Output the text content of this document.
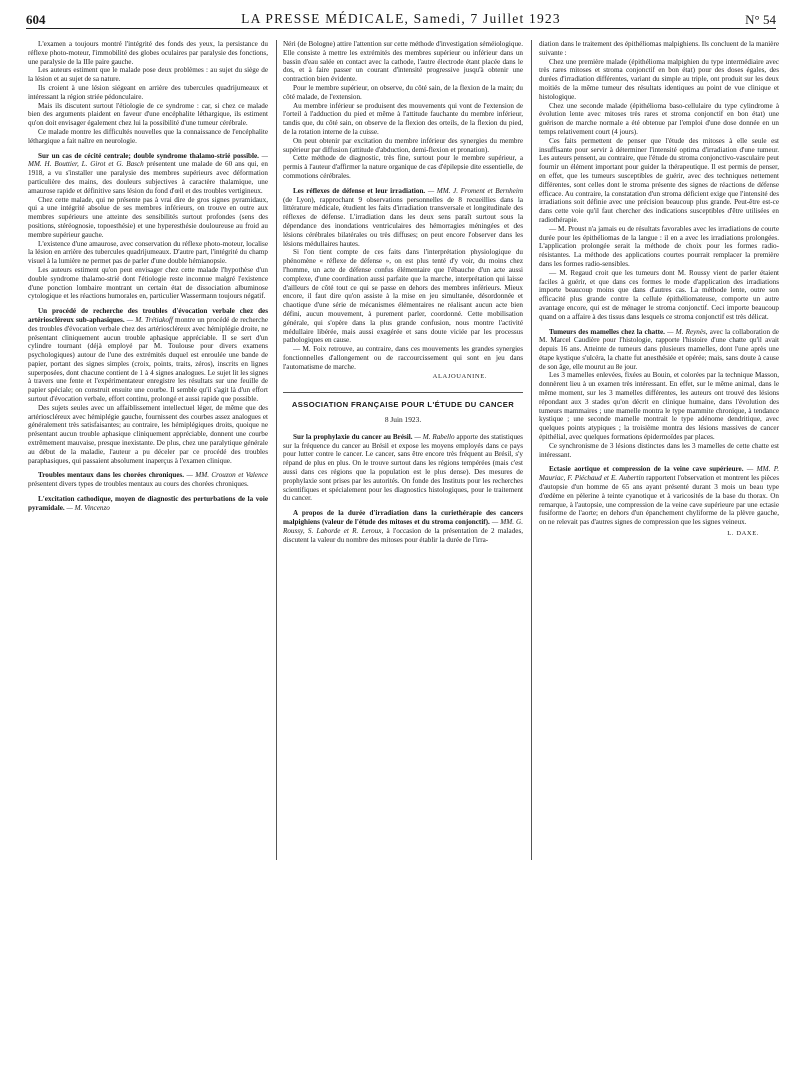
604	LA PRESSE MÉDICALE, Samedi, 7 Juillet 1923	N° 54

L'examen a toujours montré l'intégrité des fonds des yeux, la persistance du réflexe photo-moteur, l'immobilité des globes oculaires par paralysie des fonctions, une paralysie de la IIIe paire gauche.

Les auteurs estiment que le malade pose deux problèmes : au sujet du siège de la lésion et au sujet de sa nature.

Ils croient à une lésion siégeant en arrière des tubercules quadrijumeaux et intéressant la région striée pédonculaire.

Mais ils discutent surtout l'étiologie de ce syndrome : car, si chez ce malade bien des arguments plaident en faveur d'une encéphalite léthargique, ils estiment qu'on doit envisager également chez lui la possibilité d'une tumeur cérébrale.

Ce malade montre les difficultés nouvelles que la connaissance de l'encéphalite léthargique a fait naître en neurologie.

Sur un cas de cécité centrale; double syndrome thalamo-strié possible. — MM. H. Bouttier, L. Girot et G. Basch présentent une malade de 60 ans qui, en 1918, a vu s'installer une paralysie des membres supérieurs avec déformation particulière des mains, des douleurs subjectives à caractère thalamique, une amaurose rapide et définitive sans lésion du fond d'œil et des troubles vertigineux.

Chez cette malade, qui ne présente pas à vrai dire de gros signes pyramidaux, qui a une intégrité absolue de ses membres inférieurs, on trouve en outre aux membres supérieurs une atteinte des sensibilités surtout profondes (sens des positions, stéréognosie, topoesthésie) et une hyperesthésie douloureuse au froid au membre supérieur gauche.

L'existence d'une amaurose, avec conservation du réflexe photo-moteur, localise la lésion en arrière des tubercules quadrijumeaux. D'autre part, l'intégrité du champ visuel à la lumière ne permet pas de parler d'une double hémianopsie.

Les auteurs estiment qu'on peut envisager chez cette malade l'hypothèse d'un double syndrome thalamo-strié dont l'étiologie reste inconnue malgré l'existence d'une ponction lombaire montrant un certain état de dissociation albuminose cytologique et les réactions humorales en, particulier Wassermann toujours négatif.

Un procédé de recherche des troubles d'évocation verbale chez des artérioscléreux sub-aphasiques. — M. Trétiakoff montre un procédé de recherche des troubles d'évocation verbale chez des artérioscléreux avec hémiplégie droite, ne présentant cliniquement aucun trouble aphasique appréciable. Il se sert d'un cylindre tournant (déjà employé par M. Toulouse pour divers examens psychologiques) autour de l'une des extrémités duquel est enroulée une bande de papier, portant des signes simples (croix, points, traits, zéros), inscrits en lignes superposées, dont chacune contient de 1 à 4 signes analogues. Le sujet lit les signes à travers une fente et l'expérimentateur enregistre les résultats sur une feuille de papier spéciale; on construit ensuite une courbe. Il semble qu'il s'agit là d'un effort surtout d'évocation verbale, effort continu, prolongé et aussi rapide que possible.

Des sujets seules avec un affaiblissement intellectuel léger, de même que des artérioscléreux avec hémiplégie gauche, fournissent des courbes assez analogues et généralement très satisfaisantes; au contraire, les hémiplégiques droits, quoique ne présentant aucun trouble aphasique cliniquement appréciable, donnent une courbe extrêmement mauvaise, presque inexistante. De plus, chez une paralytique générale au début de la maladie, l'auteur a pu déceler par ce procédé des troubles paraphasiques, qui passaient absolument inaperçus à l'examen clinique.

Troubles mentaux dans les chorées chroniques. — MM. Crouzon et Valence présentent divers types de troubles mentaux au cours des chorées chroniques.

L'excitation cathodique, moyen de diagnostic des perturbations de la voie pyramidale. — M. Vincenzo

Néri (de Bologne) attire l'attention sur cette méthode d'investigation séméiologique. Elle consiste à mettre les extrémités des membres supérieur ou inférieur dans un bassin d'eau salée en contact avec la cathode, l'autre électrode étant placée dans le dos, et à faire passer un courant d'intensité progressive jusqu'à obtenir une contraction bien évidente.

Pour le membre supérieur, on observe, du côté sain, de la flexion de la main; du côté malade, de l'extension.

Au membre inférieur se produisent des mouvements qui vont de l'extension de l'orteil à l'adduction du pied et même à l'attitude fauchante du membre inférieur, tandis que, du côté sain, on observe de la flexion des orteils, de la flexion du pied, de la rotation interne de la cuisse.

On peut obtenir par excitation du membre inférieur des synergies du membre supérieur par diffusion (attitude d'abduction, demi-flexion et pronation).

Cette méthode de diagnostic, très fine, surtout pour le membre supérieur, a permis à l'auteur d'affirmer la nature organique de cas d'épilepsie dite essentielle, de commotions cérébrales.

Les réflexes de défense et leur irradiation. — MM. J. Froment et Bernheim (de Lyon), rapprochant 9 observations personnelles de 8 recueillies dans la littérature médicale, étudient les faits d'irradiation transversale et longitudinale des réflexes de défense. L'irradiation dans les deux sens paraît surtout sous la dépendance des inondations ventriculaires des hémorragies méningées et des lésions cérébrales bilatérales ou très diffuses; on peut encore l'observer dans les lésions médullaires hautes.

Si l'on tient compte de ces faits dans l'interprétation physiologique du phénomène « réflexe de défense », on est plus tenté d'y voir, du moins chez l'homme, un acte de défense confus élémentaire que l'ébauche d'un acte aussi complexe, d'une coordination aussi parfaite que la marche, interprétation qui laisse d'ailleurs de côté tout ce qui se passe en dehors des membres inférieurs. Mieux encore, il faut dire qu'on assiste à la mise en jeu simultanée, désordonnée et chaotique d'une série de mécanismes élémentaires ne réalisant aucun acte bien défini, aucun mouvement, à purement parler, coordonné. Cette mobilisation générale, qui s'opère dans la plus grande confusion, nous montre l'activité médullaire libérée, mais aussi exagérée et sans doute viciée par les processus pathologiques en cause.

— M. Foix retrouve, au contraire, dans ces mouvements les grandes synergies fonctionnelles d'allongement ou de raccourcissement qui sont en jeu dans l'automatisme de marche.

ALAJOUANINE.
ASSOCIATION FRANÇAISE POUR L'ÉTUDE DU CANCER
8 Juin 1923.

Sur la prophylaxie du cancer au Brésil. — M. Rabello apporte des statistiques sur la fréquence du cancer au Brésil et expose les moyens employés dans ce pays pour lutter contre le cancer. Le cancer, sans être encore très fréquent au Brésil, s'y répand de plus en plus. On le trouve surtout dans les régions tempérées (mais c'est aussi dans ces régions que la population est le plus dense). Des mesures de prophylaxie sont prises par les autorités. On fonde des Instituts pour les recherches scientifiques et spécialement pour les diagnostics histologiques, pour le traitement du cancer.

A propos de la durée d'irradiation dans la curiethérapie des cancers malpighiens (valeur de l'étude des mitoses et du stroma conjonctif). — MM. G. Roussy, S. Laborde et R. Leroux, à l'occasion de la présentation de 2 malades, discutent la valeur du nombre des mitoses pour établir la durée de l'irra-

diation dans le traitement des épithéliomas malpighiens. Ils concluent de la manière suivante :

Chez une première malade (épithélioma malpighien du type intermédiaire avec très rares mitoses et stroma conjonctif en bon état) pour des doses égales, des durées d'irradiation différentes, variant du simple au triple, ont produit sur les deux moitiés de la même tumeur des résultats identiques au point de vue clinique et histologique.

Chez une seconde malade (épithélioma baso-cellulaire du type cylindrome à évolution lente avec mitoses très rares et stroma conjonctif en bon état) une guérison de marche normale a été obtenue par l'emploi d'une dose donnée en un temps relativement court (4 jours).

Ces faits permettent de penser que l'étude des mitoses à elle seule est insuffisante pour servir à déterminer l'intensité optima d'irradiation d'une tumeur. Les auteurs pensent, au contraire, que l'étude du stroma conjonctivo-vasculaire peut fournir un élément important pour guider la thérapeutique. Il est permis de penser, en effet, que les tumeurs susceptibles de guérir, avec des techniques nettement différentes, sont celles dont le stroma présente des signes de réactions de défense efficace. Au contraire, la constatation d'un stroma déficient exige que l'intensité des irradiations soit définie avec une précision beaucoup plus grande. Peut-être est-ce dans cette voie qu'il faut chercher des indications susceptibles d'être utilisées en radiothérapie.

— M. Proust n'a jamais eu de résultats favorables avec les irradiations de courte durée pour les épithéliomas de la langue : il en a avec les irradiations prolongées. L'application prolongée serait la méthode de choix pour les formes radio-résistantes. La méthode des applications courtes pourrait remplacer la première dans les formes radio-sensibles.

— M. Regaud croit que les tumeurs dont M. Roussy vient de parler étaient faciles à guérir, et que dans ces formes le mode d'application des irradiations importe beaucoup moins que dans d'autres cas. La méthode lente, outre son efficacité plus grande contre la cellule épithéliomateuse, comporte un autre avantage encore, qui est de ménager le stroma conjonctif. Ceci importe beaucoup quand on a affaire à des tissus dans lesquels ce stroma conjonctif est très délicat.

Tumeurs des mamelles chez la chatte. — M. Reynès, avec la collaboration de M. Marcel Caudière pour l'histologie, rapporte l'histoire d'une chatte qu'il avait depuis 16 ans. Atteinte de tumeurs dans plusieurs mamelles, dont l'une après une étape kystique s'ulcéra, la chatte fut anesthésiée et opérée; mais, sans doute à cause de son âge, elle mourut au 8e jour.

Les 3 mamelles enlevées, fixées au Bouin, et colorées par la technique Masson, donnèrent lieu à un examen très intéressant. En effet, sur le même animal, dans le même moment, sur les 3 mamelles différentes, les auteurs ont trouvé des lésions répondant aux 3 stades qu'on décrit en clinique humaine, dans l'évolution des tumeurs mammaires ; une mamelle montra le type mammite chronique, à tendance kystique ; une seconde mamelle montrait le type adénome dendritique, avec quelques points atypiques ; la troisième montra des lésions massives de cancer épithélial, avec quelques formations épidermoïdes par places.

Ce synchronisme de 3 lésions distinctes dans les 3 mamelles de cette chatte est intéressant.

Ectasie aortique et compression de la veine cave supérieure. — MM. P. Mauriac, F. Piéchaud et E. Aubertin rapportent l'observation et montrent les pièces d'autopsie d'un homme de 65 ans ayant présenté durant 3 mois un beau type d'œdème en pèlerine à teinte cyanotique et à varicosités de la base du thorax. On remarque, à l'autopsie, une compression de la veine cave supérieure par une ectasie fusiforme de l'aorte; en dehors d'un épanchement chyliforme de la plèvre gauche, on ne relevait pas d'autres signes de compression que les signes veineux.

L. DAXE.
